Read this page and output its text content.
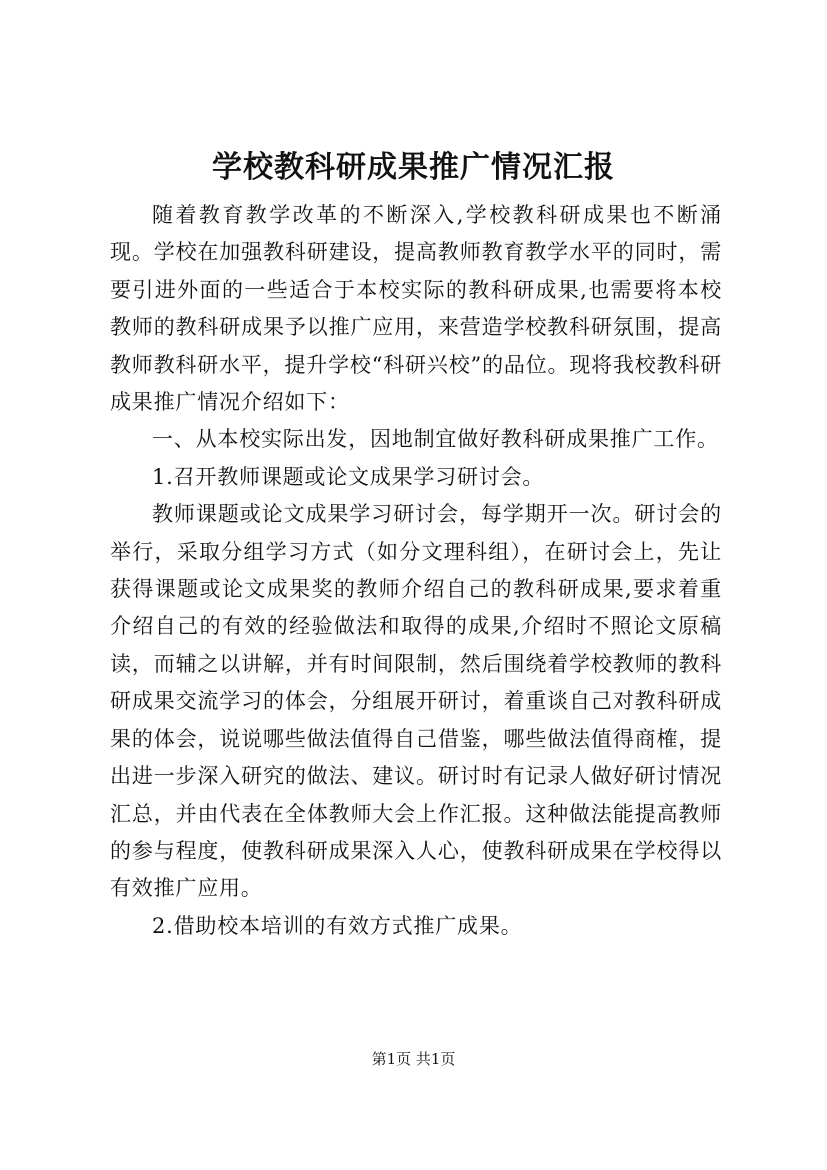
学校教科研成果推广情况汇报

随着教育教学改革的不断深入,学校教科研成果也不断涌现。学校在加强教科研建设，提高教师教育教学水平的同时，需要引进外面的一些适合于本校实际的教科研成果,也需要将本校教师的教科研成果予以推广应用，来营造学校教科研氛围，提高教师教科研水平，提升学校“科研兴校”的品位。现将我校教科研成果推广情况介绍如下：

一、从本校实际出发，因地制宜做好教科研成果推广工作。

1.召开教师课题或论文成果学习研讨会。

教师课题或论文成果学习研讨会，每学期开一次。研讨会的举行，采取分组学习方式（如分文理科组），在研讨会上，先让获得课题或论文成果奖的教师介绍自己的教科研成果,要求着重介绍自己的有效的经验做法和取得的成果,介绍时不照论文原稿读，而辅之以讲解，并有时间限制，然后围绕着学校教师的教科研成果交流学习的体会，分组展开研讨，着重谈自己对教科研成果的体会，说说哪些做法值得自己借鉴，哪些做法值得商榷，提出进一步深入研究的做法、建议。研讨时有记录人做好研讨情况汇总，并由代表在全体教师大会上作汇报。这种做法能提高教师的参与程度，使教科研成果深入人心，使教科研成果在学校得以有效推广应用。

2.借助校本培训的有效方式推广成果。

第1页 共1页
